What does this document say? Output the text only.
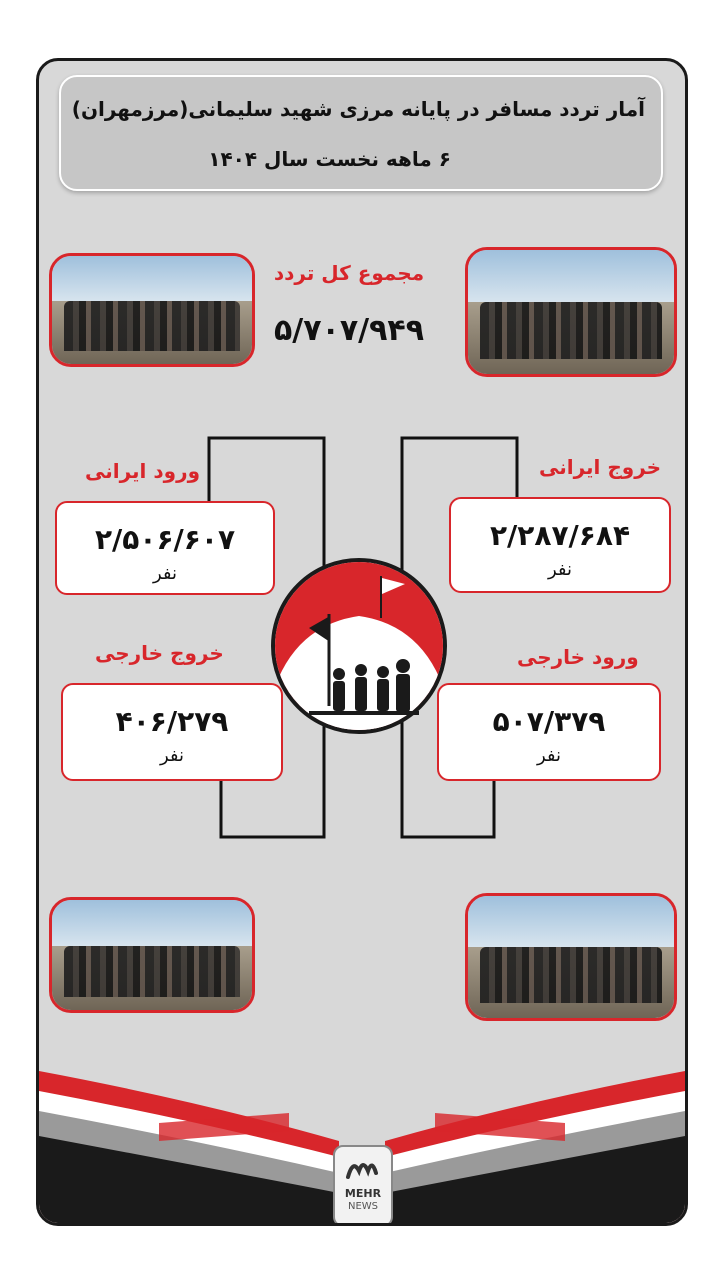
آمار تردد مسافر در پایانه مرزی شهید سلیمانی(مرزمهران)
۶ ماهه نخست سال ۱۴۰۴
مجموع کل تردد
۵/۷۰۷/۹۴۹
ورود ایرانی
۲/۵۰۶/۶۰۷
نفر
خروج ایرانی
۲/۲۸۷/۶۸۴
نفر
خروج خارجی
۴۰۶/۲۷۹
نفر
ورود خارجی
۵۰۷/۳۷۹
نفر
MEHR
NEWS
